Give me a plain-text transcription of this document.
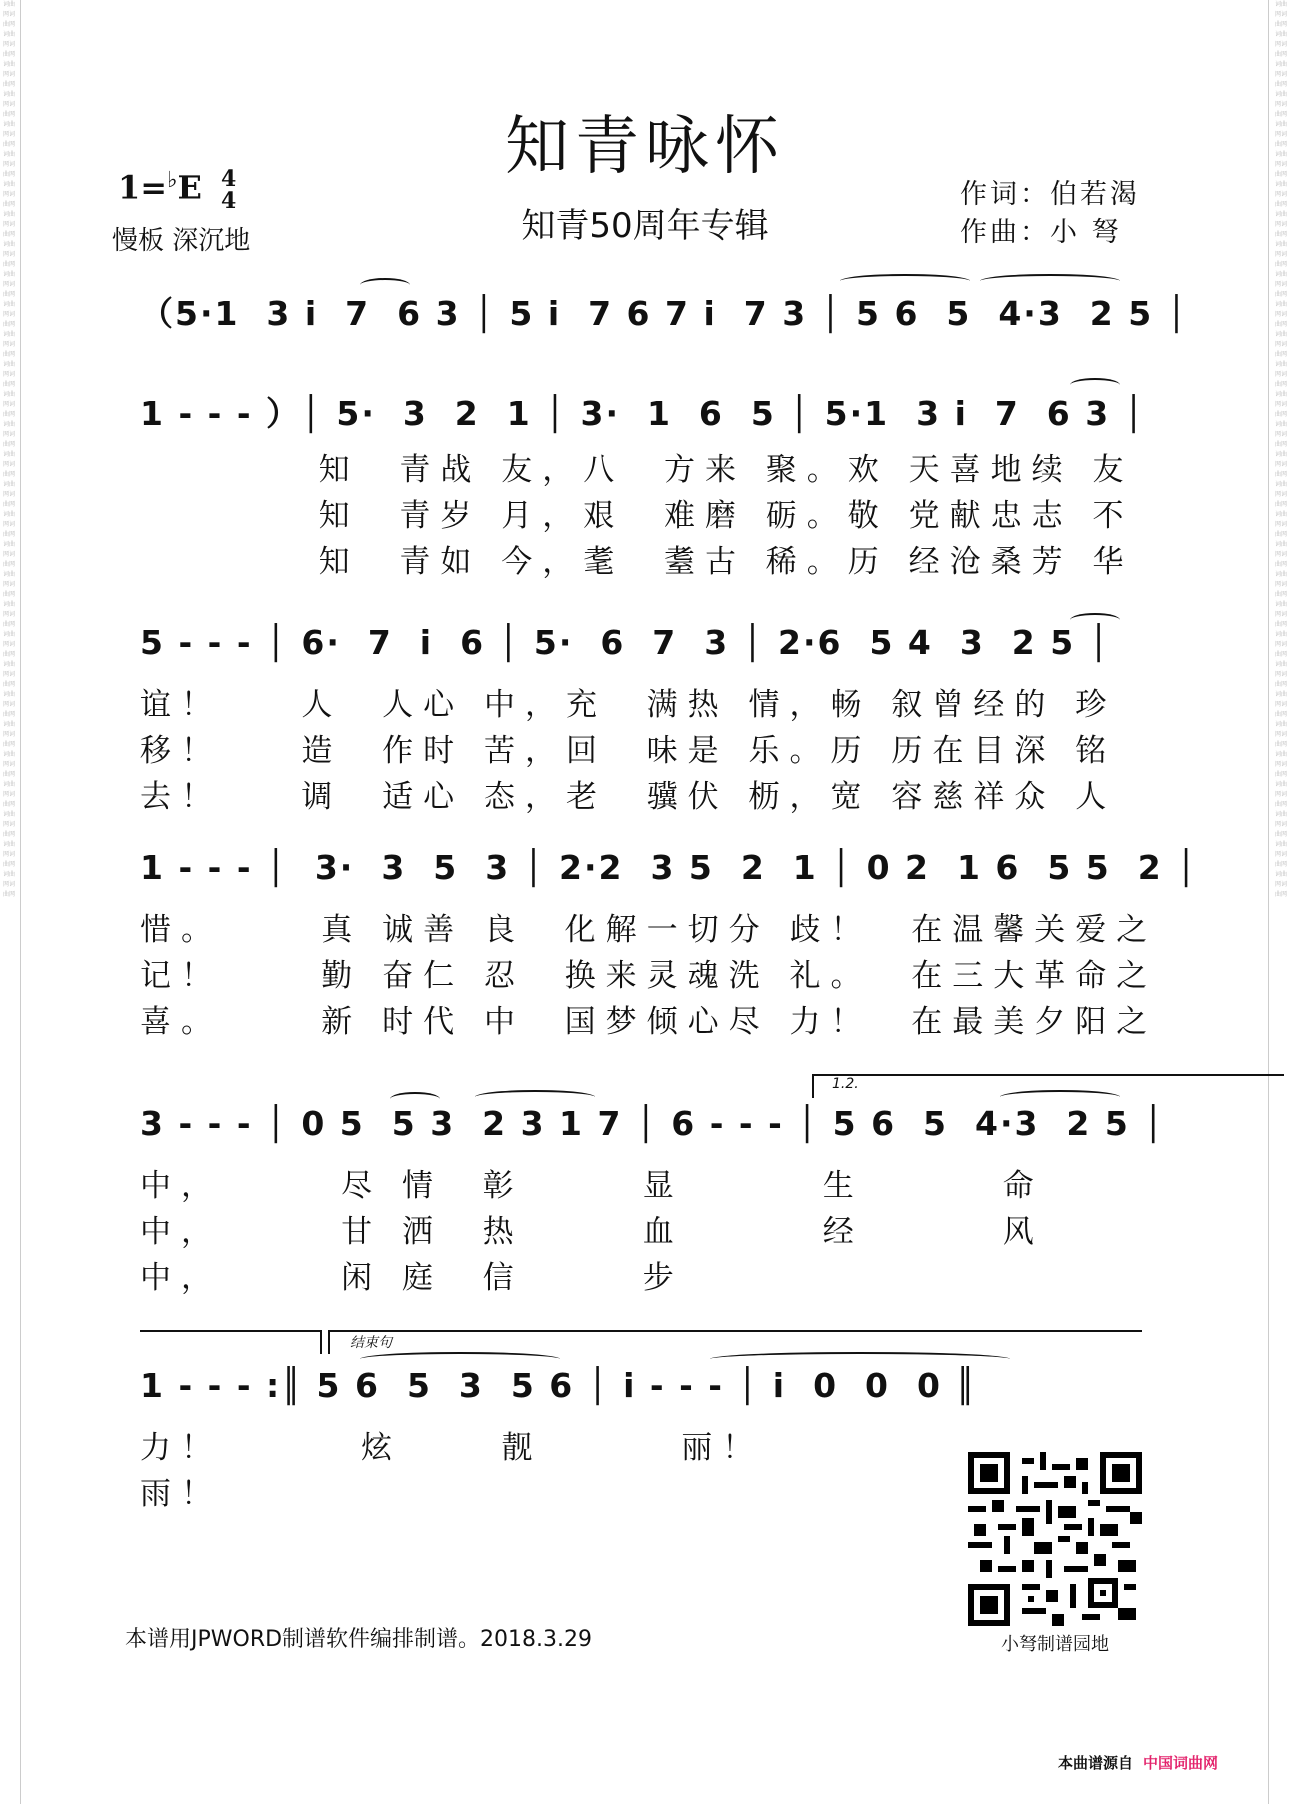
词曲网词曲网词曲网词曲网词曲网词曲网词曲网词曲网词曲网词曲网词曲网词曲网词曲网词曲网词曲网词曲网词曲网词曲网词曲网词曲网词曲网词曲网词曲网词曲网词曲网词曲网词曲网词曲网词曲网词曲网词曲网词曲网词曲网词曲网词曲网词曲网词曲网词曲网词曲网词曲网词曲网词曲网词曲网词曲网词曲网词曲网词曲网词曲网词曲网词曲网词曲网词曲网词曲网词曲网词曲网词曲网词曲网词曲网词曲网词曲网
词曲网词曲网词曲网词曲网词曲网词曲网词曲网词曲网词曲网词曲网词曲网词曲网词曲网词曲网词曲网词曲网词曲网词曲网词曲网词曲网词曲网词曲网词曲网词曲网词曲网词曲网词曲网词曲网词曲网词曲网词曲网词曲网词曲网词曲网词曲网词曲网词曲网词曲网词曲网词曲网词曲网词曲网词曲网词曲网词曲网词曲网词曲网词曲网词曲网词曲网词曲网词曲网词曲网词曲网词曲网词曲网词曲网词曲网词曲网词曲网
知青咏怀
1=♭E 4
4
慢板 深沉地	知青50周年专辑
作词：伯若渴
作曲：小 弩
（5·1  3 i  7  6 3 │ 5 i  7 6 7 i  7 3 │ 5 6  5  4·3  2 5 │
1 - - - ）│ 5·  3  2  1 │ 3·  1  6  5 │ 5·1  3 i  7  6 3 │
知  青战 友，八  方来 聚。欢 天喜地续 友
知  青岁 月，艰  难磨 砺。敬 党献忠志 不
知  青如 今，耄  耋古 稀。历 经沧桑芳 华
5 - - - │ 6·  7  i  6 │ 5·  6  7  3 │ 2·6  5 4  3  2 5 │
谊！    人  人心 中，充  满热 情，畅 叙曾经的 珍
移！    造  作时 苦，回  味是 乐。历 历在目深 铭
去！    调  适心 态，老  骥伏 枥，宽 容慈祥众 人
1 - - - │  3·  3  5  3 │ 2·2  3 5  2  1 │ 0 2  1 6  5 5  2 │
惜。     真 诚善 良  化解一切分 歧！  在温馨关爱之
记！     勤 奋仁 忍  换来灵魂洗 礼。  在三大革命之
喜。     新 时代 中  国梦倾心尽 力！  在最美夕阳之
1.2.
3 - - - │ 0 5  5 3  2 3 1 7 │ 6 - - - │ 5 6  5  4·3  2 5 │
中，      尽 情  彰      显       生       命
中，      甘 洒  热      血       经       风
中，      闲 庭  信      步
结束句
1 - - - :║ 5 6  5  3  5 6 │ i - - - │ i  0  0  0 ║
力！       炫     靓       丽！
雨！
小弩制谱园地
本谱用JPWORD制谱软件编排制谱。2018.3.29
本曲谱源自 中国词曲网
